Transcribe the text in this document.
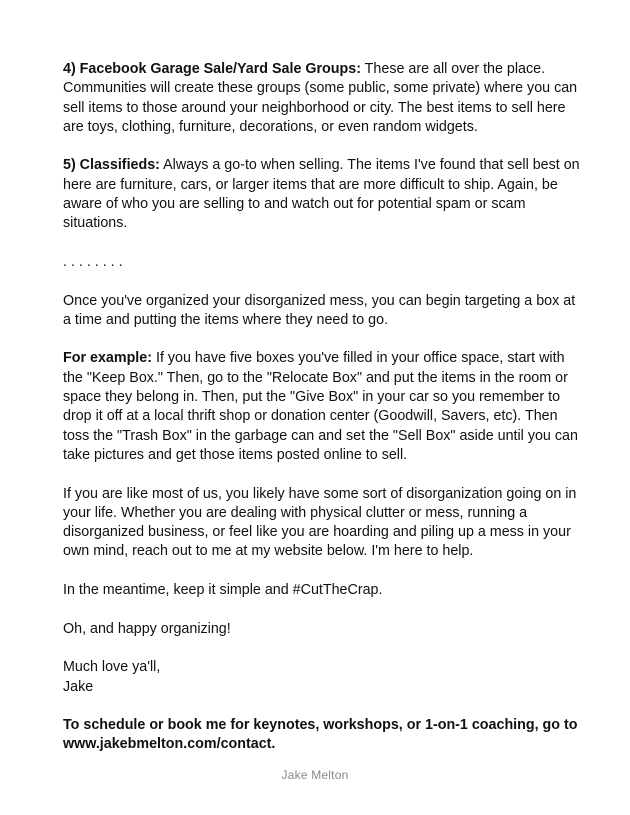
4) Facebook Garage Sale/Yard Sale Groups: These are all over the place. Communities will create these groups (some public, some private) where you can sell items to those around your neighborhood or city. The best items to sell here are toys, clothing, furniture, decorations, or even random widgets.

5) Classifieds: Always a go-to when selling. The items I've found that sell best on here are furniture, cars, or larger items that are more difficult to ship. Again, be aware of who you are selling to and watch out for potential spam or scam situations.

. . . . . . . .

Once you've organized your disorganized mess, you can begin targeting a box at a time and putting the items where they need to go.

For example: If you have five boxes you've filled in your office space, start with the "Keep Box." Then, go to the "Relocate Box" and put the items in the room or space they belong in. Then, put the "Give Box" in your car so you remember to drop it off at a local thrift shop or donation center (Goodwill, Savers, etc). Then toss the "Trash Box" in the garbage can and set the "Sell Box" aside until you can take pictures and get those items posted online to sell.

If you are like most of us, you likely have some sort of disorganization going on in your life. Whether you are dealing with physical clutter or mess, running a disorganized business, or feel like you are hoarding and piling up a mess in your own mind, reach out to me at my website below. I'm here to help.

In the meantime, keep it simple and #CutTheCrap.

Oh, and happy organizing!

Much love ya'll,
Jake

To schedule or book me for keynotes, workshops, or 1-on-1 coaching, go to www.jakebmelton.com/contact.

Jake Melton
